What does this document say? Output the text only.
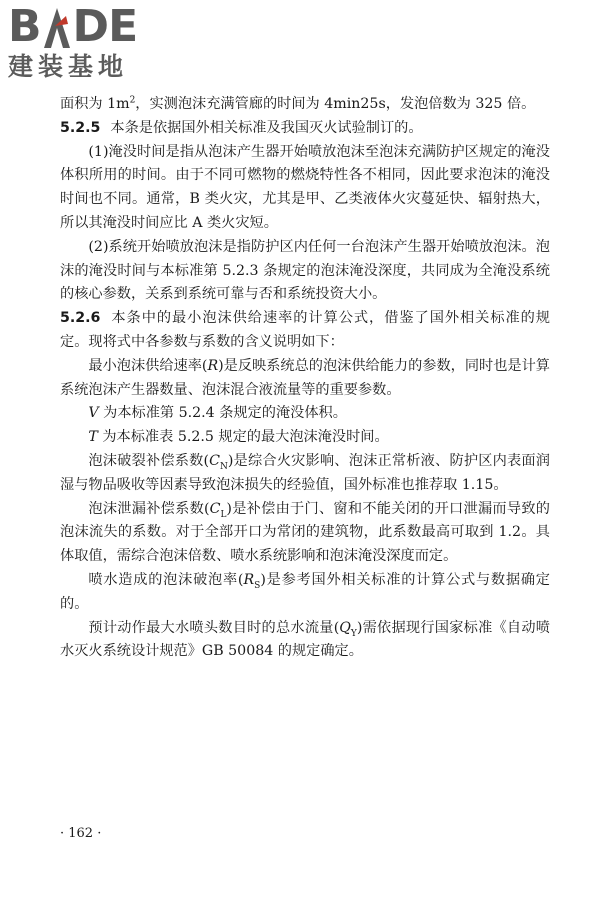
B DE
建装基地

面积为 $1m^2$，实测泡沫充满管廊的时间为 4min25s，发泡倍数为 325 倍。

5.2.5 本条是依据国外相关标准及我国灭火试验制订的。

(1)淹没时间是指从泡沫产生器开始喷放泡沫至泡沫充满防护区规定的淹没体积所用的时间。由于不同可燃物的燃烧特性各不相同，因此要求泡沫的淹没时间也不同。通常，B 类火灾，尤其是甲、乙类液体火灾蔓延快、辐射热大，所以其淹没时间应比 A 类火灾短。

(2)系统开始喷放泡沫是指防护区内任何一台泡沫产生器开始喷放泡沫。泡沫的淹没时间与本标准第 5.2.3 条规定的泡沫淹没深度，共同成为全淹没系统的核心参数，关系到系统可靠与否和系统投资大小。

5.2.6 本条中的最小泡沫供给速率的计算公式，借鉴了国外相关标准的规定。现将式中各参数与系数的含义说明如下：

最小泡沫供给速率(R)是反映系统总的泡沫供给能力的参数，同时也是计算系统泡沫产生器数量、泡沫混合液流量等的重要参数。

V 为本标准第 5.2.4 条规定的淹没体积。

T 为本标准表 5.2.5 规定的最大泡沫淹没时间。

泡沫破裂补偿系数$(C_N)$是综合火灾影响、泡沫正常析液、防护区内表面润湿与物品吸收等因素导致泡沫损失的经验值，国外标准也推荐取 1.15。

泡沫泄漏补偿系数$(C_L)$是补偿由于门、窗和不能关闭的开口泄漏而导致的泡沫流失的系数。对于全部开口为常闭的建筑物，此系数最高可取到 1.2。具体取值，需综合泡沫倍数、喷水系统影响和泡沫淹没深度而定。

喷水造成的泡沫破泡率$(R_S)$是参考国外相关标准的计算公式与数据确定的。

预计动作最大水喷头数目时的总水流量$(Q_Y)$需依据现行国家标准《自动喷水灭火系统设计规范》GB 50084 的规定确定。

· 162 ·
